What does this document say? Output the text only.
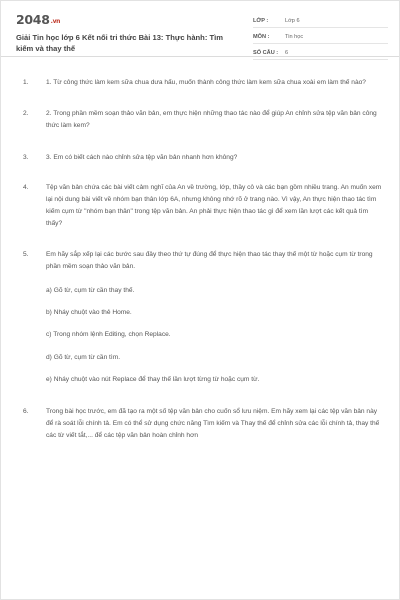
2048.vn
Giải Tin học lớp 6 Kết nối tri thức Bài 13: Thực hành: Tìm kiếm và thay thế
LỚP :	Lớp 6
MÔN :	Tin học
SỐ CÂU :	6
1.	1. Từ công thức làm kem sữa chua dưa hấu, muốn thành công thức làm kem sữa chua xoài em làm thế nào?
2.	2. Trong phần mềm soạn thảo văn bản, em thực hiện những thao tác nào để giúp An chỉnh sửa tệp văn bản công thức làm kem?
3.	3. Em có biết cách nào chỉnh sửa tệp văn bản nhanh hơn không?
4.	Tệp văn bản chứa các bài viết cảm nghĩ của An về trường, lớp, thầy cô và các bạn gồm nhiều trang. An muốn xem lại nội dung bài viết về nhóm bạn thân lớp 6A, nhưng không nhớ rõ ở trang nào. Vì vậy, An thực hiện thao tác tìm kiếm cụm từ "nhóm bạn thân" trong tệp văn bản. An phải thực hiện thao tác gì để xem lần lượt các kết quả tìm thấy?
5.	Em hãy sắp xếp lại các bước sau đây theo thứ tự đúng để thực hiện thao tác thay thế một từ hoặc cụm từ trong phần mềm soạn thảo văn bản.
a) Gõ từ, cụm từ cần thay thế.
b) Nháy chuột vào thẻ Home.
c) Trong nhóm lệnh Editing, chọn Replace.
d) Gõ từ, cụm từ cần tìm.
e) Nháy chuột vào nút Replace để thay thế lần lượt từng từ hoặc cụm từ.
6.	Trong bài học trước, em đã tạo ra một số tệp văn bản cho cuốn sổ lưu niệm. Em hãy xem lại các tệp văn bản này để rà soát lỗi chính tả. Em có thể sử dụng chức năng Tìm kiếm và Thay thế để chỉnh sửa các lỗi chính tả, thay thế các từ viết tắt,... để các tệp văn bản hoàn chỉnh hơn
